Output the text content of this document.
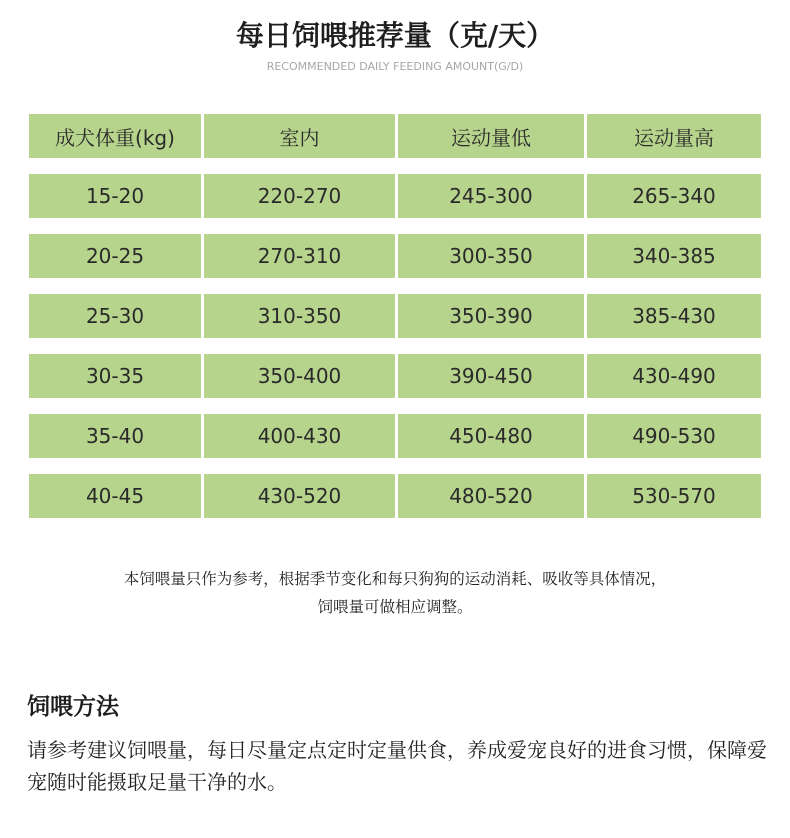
每日饲喂推荐量（克/天）
RECOMMENDED DAILY FEEDING AMOUNT(G/D)
成犬体重(kg)	室内	运动量低	运动量高
15-20	220-270	245-300	265-340
20-25	270-310	300-350	340-385
25-30	310-350	350-390	385-430
30-35	350-400	390-450	430-490
35-40	400-430	450-480	490-530
40-45	430-520	480-520	530-570
本饲喂量只作为参考，根据季节变化和每只狗狗的运动消耗、吸收等具体情况，
饲喂量可做相应调整。
饲喂方法
请参考建议饲喂量，每日尽量定点定时定量供食，养成爱宠良好的进食习惯，保障爱宠随时能摄取足量干净的水。
